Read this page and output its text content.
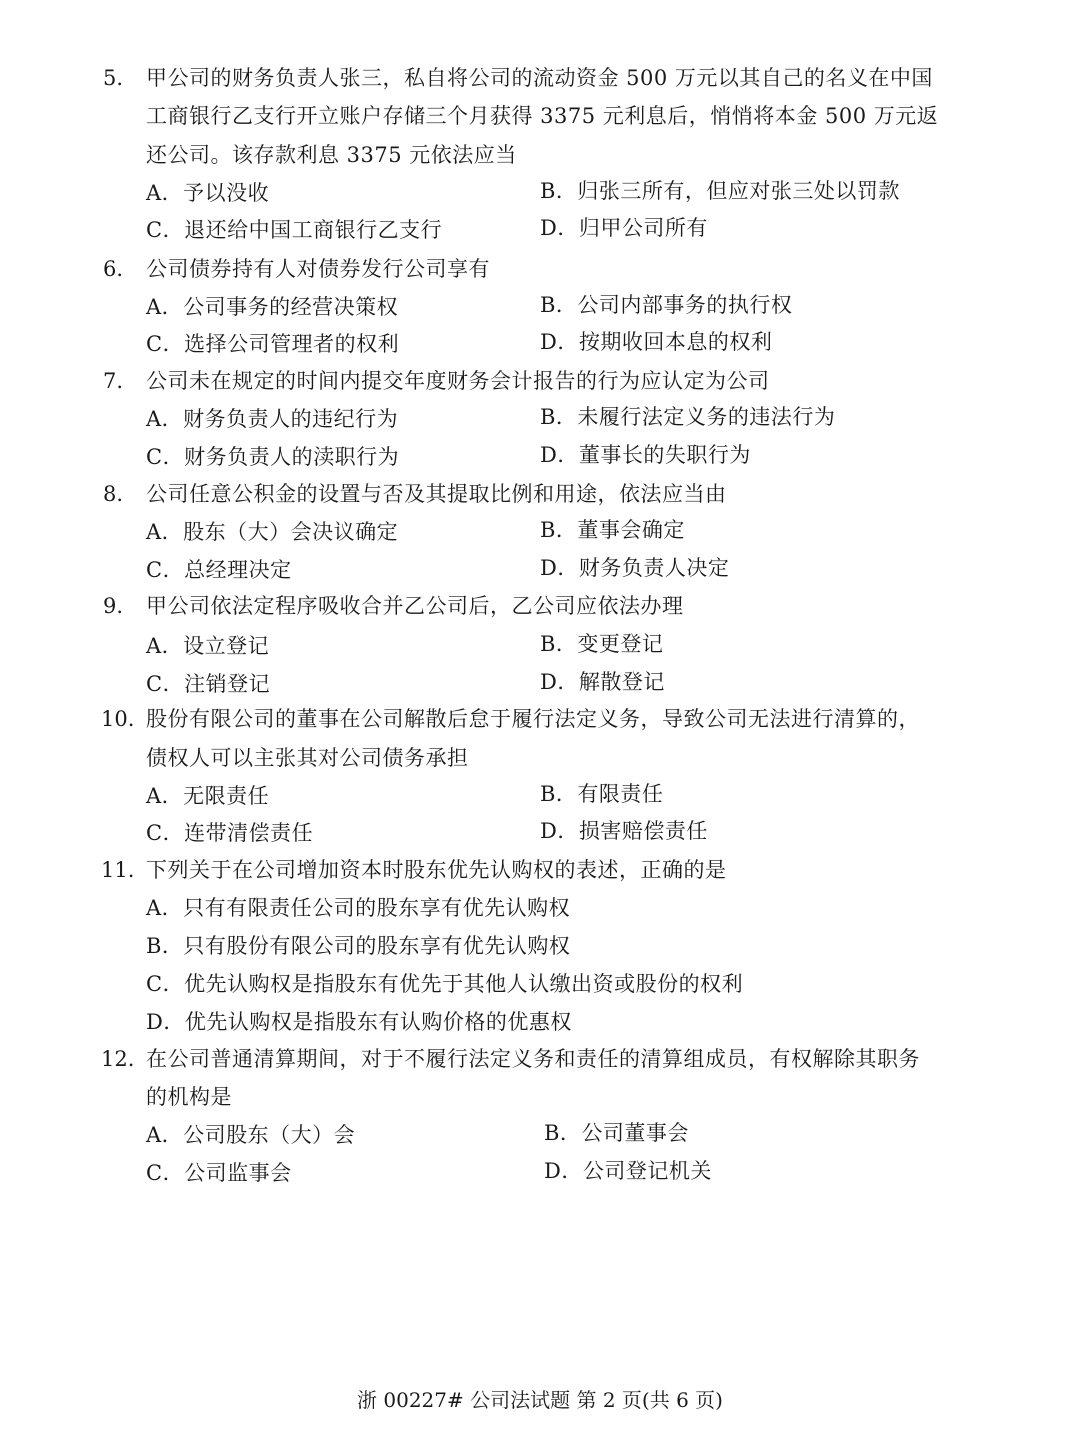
5. 甲公司的财务负责人张三，私自将公司的流动资金 500 万元以其自己的名义在中国
工商银行乙支行开立账户存储三个月获得 3375 元利息后，悄悄将本金 500 万元返
还公司。该存款利息 3375 元依法应当
A．予以没收	B．归张三所有，但应对张三处以罚款
C．退还给中国工商银行乙支行	D．归甲公司所有
6. 公司债券持有人对债券发行公司享有
A．公司事务的经营决策权	B．公司内部事务的执行权
C．选择公司管理者的权利	D．按期收回本息的权利
7. 公司未在规定的时间内提交年度财务会计报告的行为应认定为公司
A．财务负责人的违纪行为	B．未履行法定义务的违法行为
C．财务负责人的渎职行为	D．董事长的失职行为
8. 公司任意公积金的设置与否及其提取比例和用途，依法应当由
A．股东（大）会决议确定	B．董事会确定
C．总经理决定	D．财务负责人决定
9. 甲公司依法定程序吸收合并乙公司后，乙公司应依法办理
A．设立登记	B．变更登记
C．注销登记	D．解散登记
10. 股份有限公司的董事在公司解散后怠于履行法定义务，导致公司无法进行清算的，
债权人可以主张其对公司债务承担
A．无限责任	B．有限责任
C．连带清偿责任	D．损害赔偿责任
11. 下列关于在公司增加资本时股东优先认购权的表述，正确的是
A．只有有限责任公司的股东享有优先认购权
B．只有股份有限公司的股东享有优先认购权
C．优先认购权是指股东有优先于其他人认缴出资或股份的权利
D．优先认购权是指股东有认购价格的优惠权
12. 在公司普通清算期间，对于不履行法定义务和责任的清算组成员，有权解除其职务
的机构是
A．公司股东（大）会	B．公司董事会
C．公司监事会	D．公司登记机关
浙 00227# 公司法试题 第 2 页(共 6 页)
